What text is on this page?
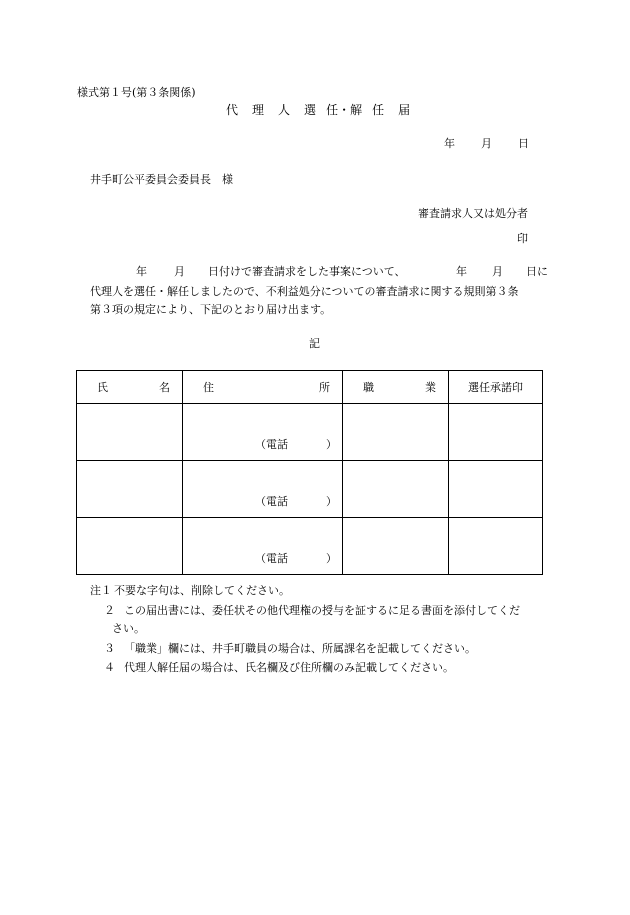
様式第１号(第３条関係)
代 理 人 選 任・解 任 届
年 月 日
井手町公平委員会委員長　様
審査請求人又は処分者
印
年 月 日付けで審査請求をした事案について、	年 月 日に
代理人を選任・解任しましたので、不利益処分についての審査請求に関する規則第３条
第３項の規定により、下記のとおり届け出ます。
記
氏 名	住 所	職 業	選任承諾印

	（電話 ）		

	（電話 ）		

	（電話 ）		

注１ 不要な字句は、削除してください。
２ この届出書には、委任状その他代理権の授与を証するに足る書面を添付してくだ
さい。
３ 「職業」欄には、井手町職員の場合は、所属課名を記載してください。
４ 代理人解任届の場合は、氏名欄及び住所欄のみ記載してください。
